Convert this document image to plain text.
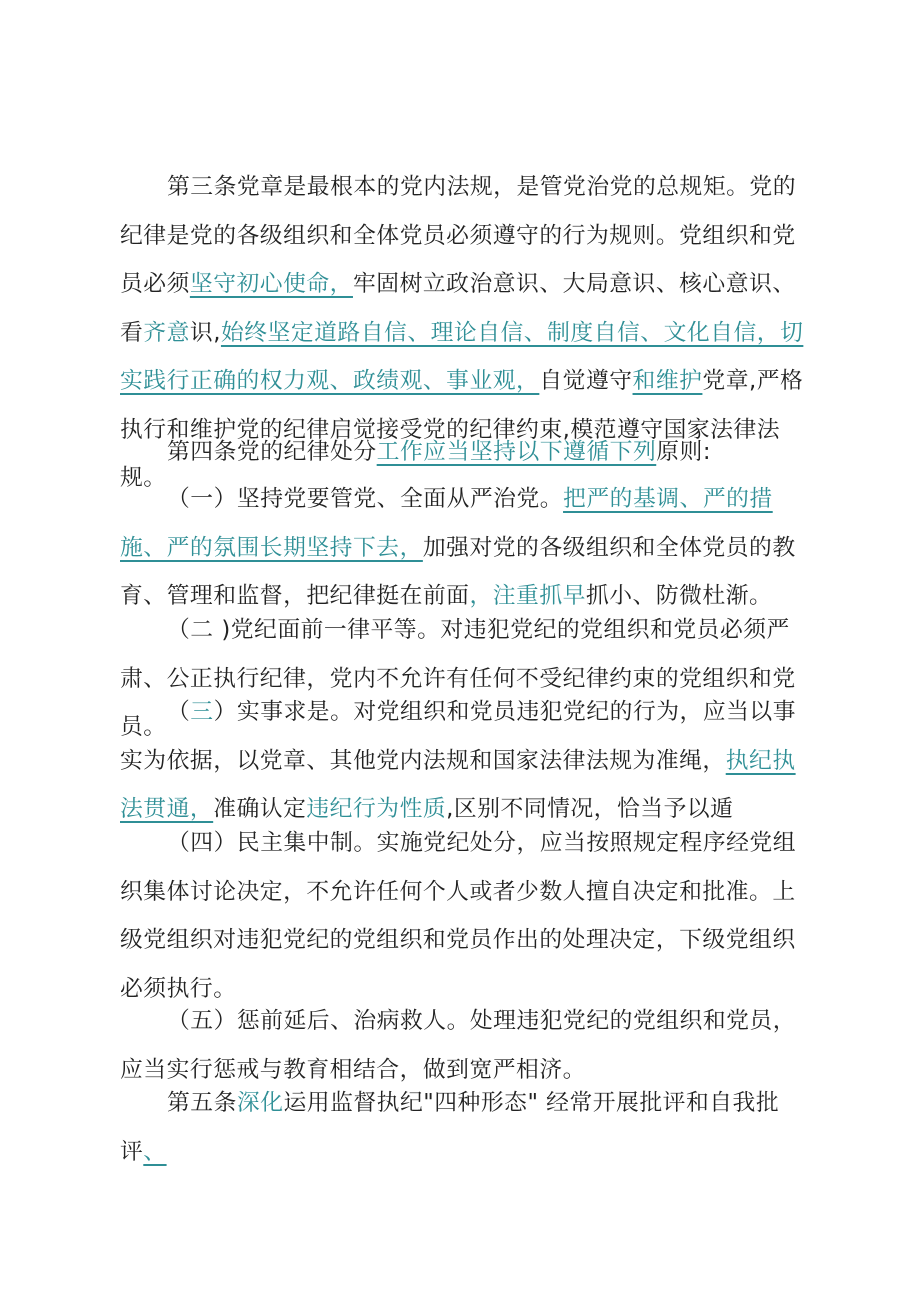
第三条党章是最根本的党内法规，是管党治党的总规矩。党的纪律是党的各级组织和全体党员必须遵守的行为规则。党组织和党员必须坚守初心使命，牢固树立政治意识、大局意识、核心意识、看齐意识,始终坚定道路自信、理论自信、制度自信、文化自信，切实践行正确的权力观、政绩观、事业观，自觉遵守和维护党章,严格执行和维护党的纪律启觉接受党的纪律约束,模范遵守国家法律法规。

第四条党的纪律处分工作应当坚持以下遵循下列原则:

（一）坚持党要管党、全面从严治党。把严的基调、严的措施、严的氛围长期坚持下去，加强对党的各级组织和全体党员的教育、管理和监督，把纪律挺在前面，注重抓早抓小、防微杜渐。

（二 )党纪面前一律平等。对违犯党纪的党组织和党员必须严肃、公正执行纪律，党内不允许有任何不受纪律约束的党组织和党员。

（三）实事求是。对党组织和党员违犯党纪的行为，应当以事实为依据，以党章、其他党内法规和国家法律法规为准绳，执纪执法贯通，准确认定违纪行为性质,区别不同情况，恰当予以遁

（四）民主集中制。实施党纪处分，应当按照规定程序经党组织集体讨论决定，不允许任何个人或者少数人擅自决定和批准。上级党组织对违犯党纪的党组织和党员作出的处理决定，下级党组织必须执行。

（五）惩前延后、治病救人。处理违犯党纪的党组织和党员，应当实行惩戒与教育相结合，做到宽严相济。

第五条深化运用监督执纪"四种形态" 经常开展批评和自我批评、
